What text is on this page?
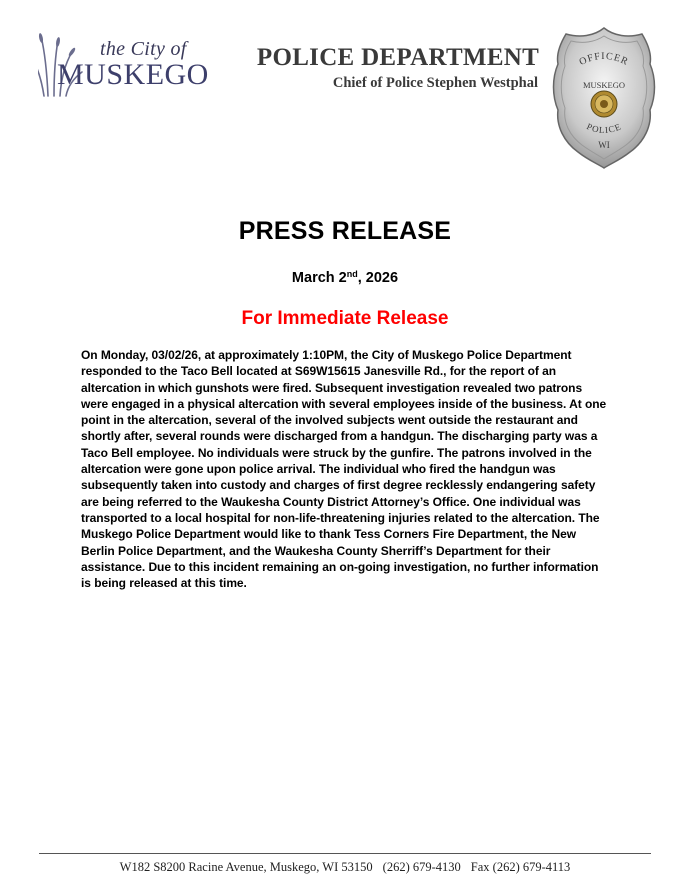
the City of
MUSKEGO
POLICE DEPARTMENT
Chief of Police Stephen Westphal
OFFICER
MUSKEGO
POLICE
WI
PRESS RELEASE
March 2nd, 2026
For Immediate Release

On Monday, 03/02/26, at approximately 1:10PM, the City of Muskego Police Department responded to the Taco Bell located at S69W15615 Janesville Rd., for the report of an altercation in which gunshots were fired. Subsequent investigation revealed two patrons were engaged in a physical altercation with several employees inside of the business. At one point in the altercation, several of the involved subjects went outside the restaurant and shortly after, several rounds were discharged from a handgun. The discharging party was a Taco Bell employee. No individuals were struck by the gunfire. The patrons involved in the altercation were gone upon police arrival. The individual who fired the handgun was subsequently taken into custody and charges of first degree recklessly endangering safety are being referred to the Waukesha County District Attorney’s Office. One individual was transported to a local hospital for non-life-threatening injuries related to the altercation. The Muskego Police Department would like to thank Tess Corners Fire Department, the New Berlin Police Department, and the Waukesha County Sherriff’s Department for their assistance. Due to this incident remaining an on-going investigation, no further information is being released at this time.

W182 S8200 Racine Avenue, Muskego, WI 53150 (262) 679-4130 Fax (262) 679-4113
